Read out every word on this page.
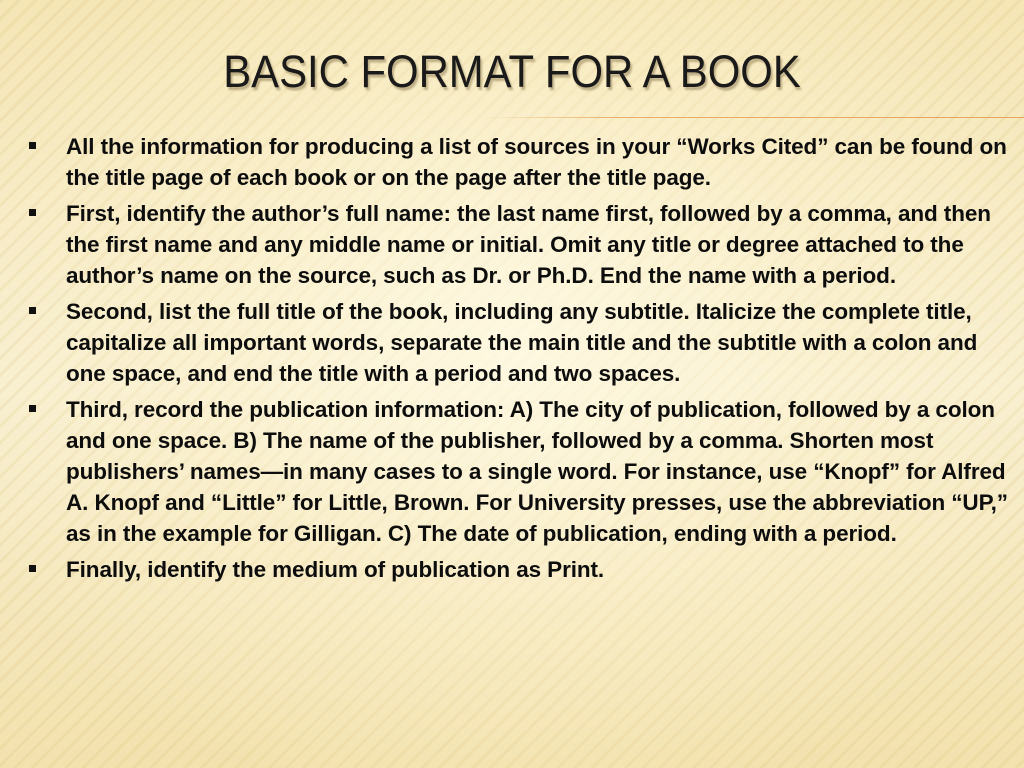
BASIC FORMAT FOR A BOOK
All the information for producing a list of sources in your “Works Cited” can be found on the title page of each book or on the page after the title page.
First, identify the author’s full name: the last name first, followed by a comma, and then the first name and any middle name or initial. Omit any title or degree attached to the author’s name on the source, such as Dr. or Ph.D. End the name with a period.
Second, list the full title of the book, including any subtitle. Italicize the complete title, capitalize all important words, separate the main title and the subtitle with a colon and one space, and end the title with a period and two spaces.
Third, record the publication information: A) The city of publication, followed by a colon and one space. B) The name of the publisher, followed by a comma. Shorten most publishers’ names—in many cases to a single word. For instance, use “Knopf” for Alfred A. Knopf and “Little” for Little, Brown. For University presses, use the abbreviation “UP,” as in the example for Gilligan. C) The date of publication, ending with a period.
Finally, identify the medium of publication as Print.
